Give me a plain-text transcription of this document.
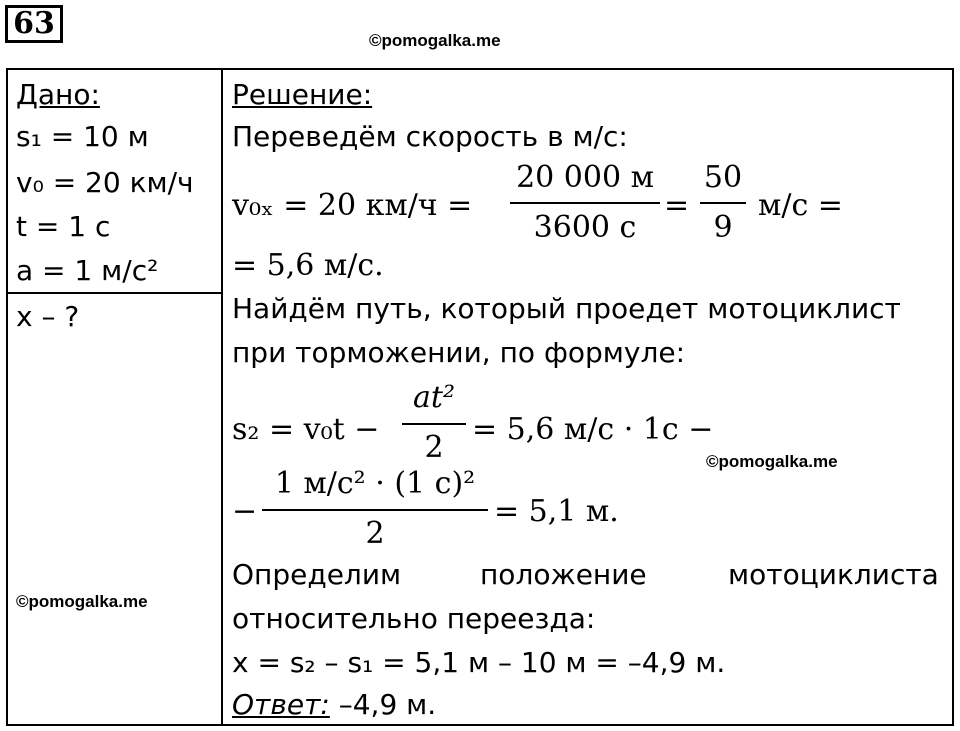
63	©pomogalka.me
©pomogalka.me
©pomogalka.me
Дано:
s₁ = 10 м
v₀ = 20 км/ч
t = 1 с
a = 1 м/с²
x – ?
Решение:
Переведём скорость в м/с:
v₀ₓ = 20 км/ч =
20 000 м
3600 с
=
50
9
м/с =
= 5,6 м/с.
Найдём путь, который проедет мотоциклист
при торможении, по формуле:
s₂ = v₀t −
at²
2
= 5,6 м/с · 1с −
−
1 м/с² · (1 с)²
2
= 5,1 м.
Определим	положение	мотоциклиста
относительно переезда:
x = s₂ – s₁ = 5,1 м – 10 м = –4,9 м.
Ответ: –4,9 м.
